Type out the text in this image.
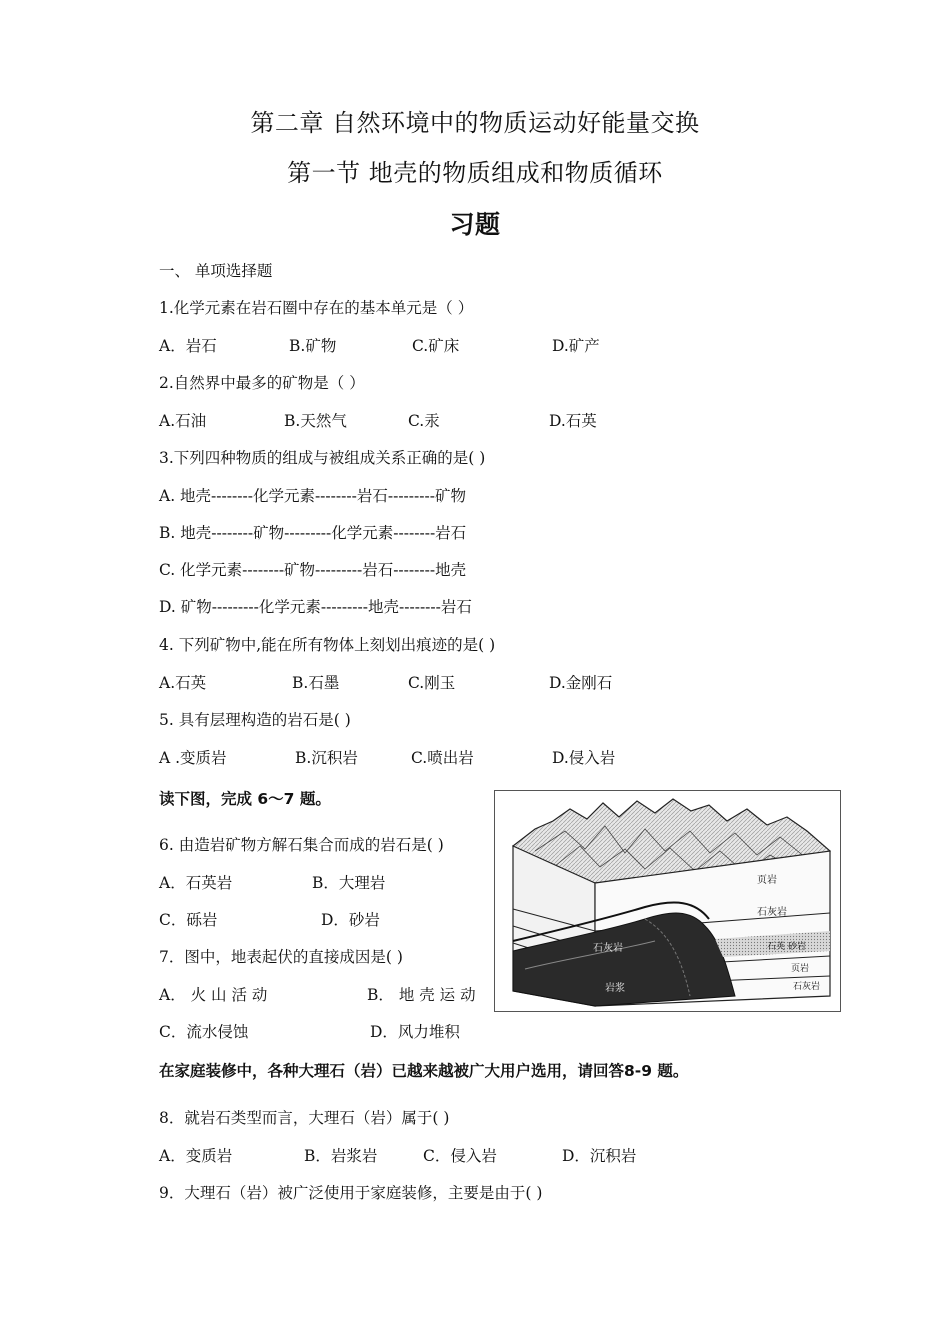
第二章 自然环境中的物质运动好能量交换
第一节 地壳的物质组成和物质循环
习题
一、 单项选择题
1.化学元素在岩石圈中存在的基本单元是（ ）
A．岩石	B.矿物	C.矿床	D.矿产
2.自然界中最多的矿物是（ ）
A.石油	B.天然气	C.汞	D.石英
3.下列四种物质的组成与被组成关系正确的是( )
A. 地壳--------化学元素--------岩石---------矿物
B. 地壳--------矿物---------化学元素--------岩石
C. 化学元素--------矿物---------岩石--------地壳
D. 矿物---------化学元素---------地壳--------岩石
4. 下列矿物中,能在所有物体上刻划出痕迹的是( )
A.石英	B.石墨	C.刚玉	D.金刚石
5. 具有层理构造的岩石是( )
A .变质岩	B.沉积岩	C.喷出岩	D.侵入岩
读下图，完成 6～7 题。
6. 由造岩矿物方解石集合而成的岩石是( )
A．石英岩	B．大理岩
C．砾岩	D．砂岩
7．图中，地表起伏的直接成因是( )
A． 火 山 活 动	B． 地 壳 运 动
C．流水侵蚀	D．风力堆积
在家庭装修中，各种大理石（岩）已越来越被广大用户选用，请回答8-9 题。
8．就岩石类型而言，大理石（岩）属于( )
A．变质岩	B．岩浆岩	C．侵入岩	D．沉积岩
9．大理石（岩）被广泛使用于家庭装修，主要是由于( )
页岩
石灰岩
石英 砂岩
页岩
石灰岩
石灰岩
岩浆
